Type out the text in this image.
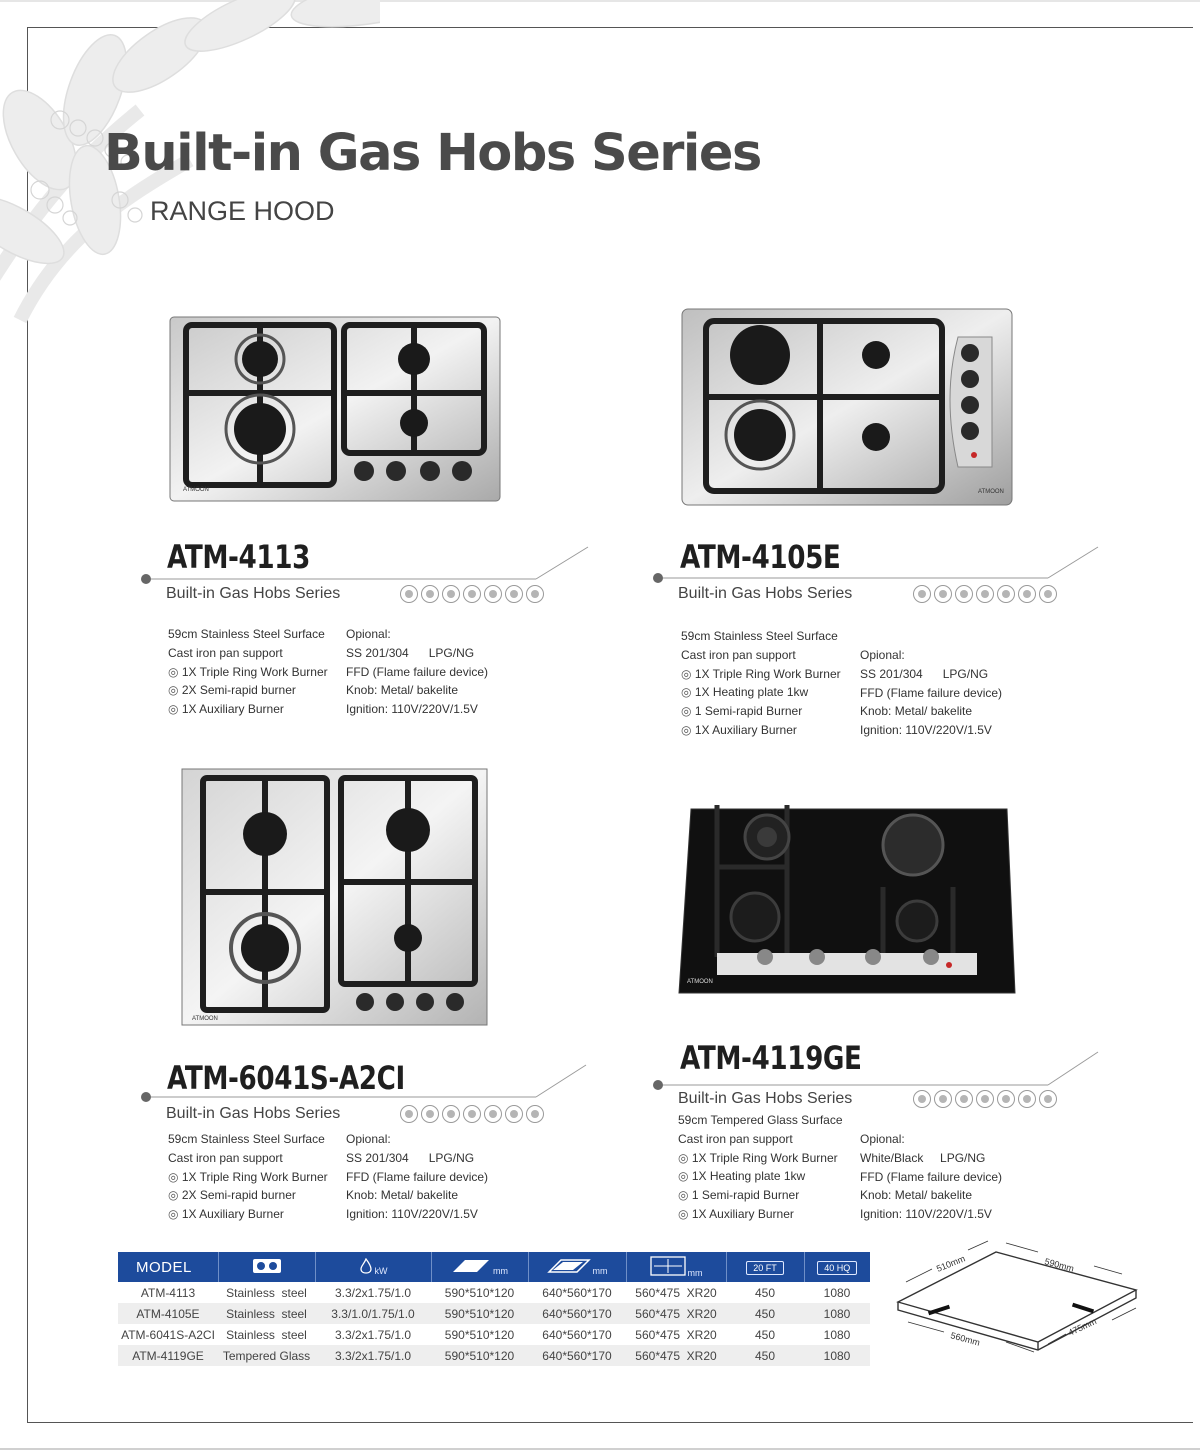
Built-in Gas Hobs Series
RANGE HOOD
ATMOON	ATMOON
ATMOON
ATMOON
ATM-4113
Built-in Gas Hobs Series
59cm Stainless Steel Surface
Cast iron pan support
◎ 1X Triple Ring Work Burner
◎ 2X Semi-rapid burner
◎ 1X Auxiliary Burner
Opional:
SS 201/304      LPG/NG
FFD (Flame failure device)
Knob: Metal/ bakelite
Ignition: 110V/220V/1.5V
ATM-4105E
Built-in Gas Hobs Series
59cm Stainless Steel Surface
Cast iron pan support
◎ 1X Triple Ring Work Burner
◎ 1X Heating plate 1kw
◎ 1 Semi-rapid Burner
◎ 1X Auxiliary Burner
Opional:
SS 201/304      LPG/NG
FFD (Flame failure device)
Knob: Metal/ bakelite
Ignition: 110V/220V/1.5V
ATM-6041S-A2CI
Built-in Gas Hobs Series
59cm Stainless Steel Surface
Cast iron pan support
◎ 1X Triple Ring Work Burner
◎ 2X Semi-rapid burner
◎ 1X Auxiliary Burner
Opional:
SS 201/304      LPG/NG
FFD (Flame failure device)
Knob: Metal/ bakelite
Ignition: 110V/220V/1.5V
ATM-4119GE
Built-in Gas Hobs Series
59cm Tempered Glass Surface
Cast iron pan support
◎ 1X Triple Ring Work Burner
◎ 1X Heating plate 1kw
◎ 1 Semi-rapid Burner
◎ 1X Auxiliary Burner
Opional:
White/Black     LPG/NG
FFD (Flame failure device)
Knob: Metal/ bakelite
Ignition: 110V/220V/1.5V
MODEL		kW	mm	mm	mm	20 FT	40 HQ
ATM-4113	Stainless  steel	3.3/2x1.75/1.0	590*510*120	640*560*170	560*475  XR20	450	1080
ATM-4105E	Stainless  steel	3.3/1.0/1.75/1.0	590*510*120	640*560*170	560*475  XR20	450	1080
ATM-6041S-A2CI	Stainless  steel	3.3/2x1.75/1.0	590*510*120	640*560*170	560*475  XR20	450	1080
ATM-4119GE	Tempered Glass	3.3/2x1.75/1.0	590*510*120	640*560*170	560*475  XR20	450	1080
510mm	590mm
560mm
475mm
